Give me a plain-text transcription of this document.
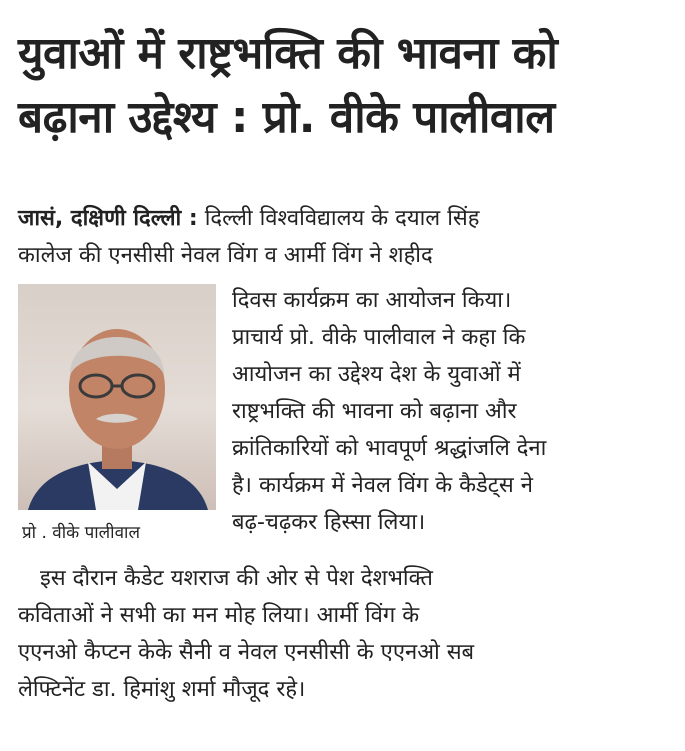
युवाओं में राष्ट्रभक्ति की भावना को
बढ़ाना उद्देश्य : प्रो. वीके पालीवाल
जासं, दक्षिणी दिल्ली : दिल्ली विश्वविद्यालय के दयाल सिंह
कालेज की एनसीसी नेवल विंग व आर्मी विंग ने शहीद
प्रो . वीके पालीवाल
दिवस कार्यक्रम का आयोजन किया।
प्राचार्य प्रो. वीके पालीवाल ने कहा कि
आयोजन का उद्देश्य देश के युवाओं में
राष्ट्रभक्ति की भावना को बढ़ाना और
क्रांतिकारियों को भावपूर्ण श्रद्धांजलि देना
है। कार्यक्रम में नेवल विंग के कैडेट्स ने
बढ़-चढ़कर हिस्सा लिया।
इस दौरान कैडेट यशराज की ओर से पेश देशभक्ति
कविताओं ने सभी का मन मोह लिया। आर्मी विंग के
एएनओ कैप्टन केके सैनी व नेवल एनसीसी के एएनओ सब
लेफ्टिनेंट डा. हिमांशु शर्मा मौजूद रहे।
